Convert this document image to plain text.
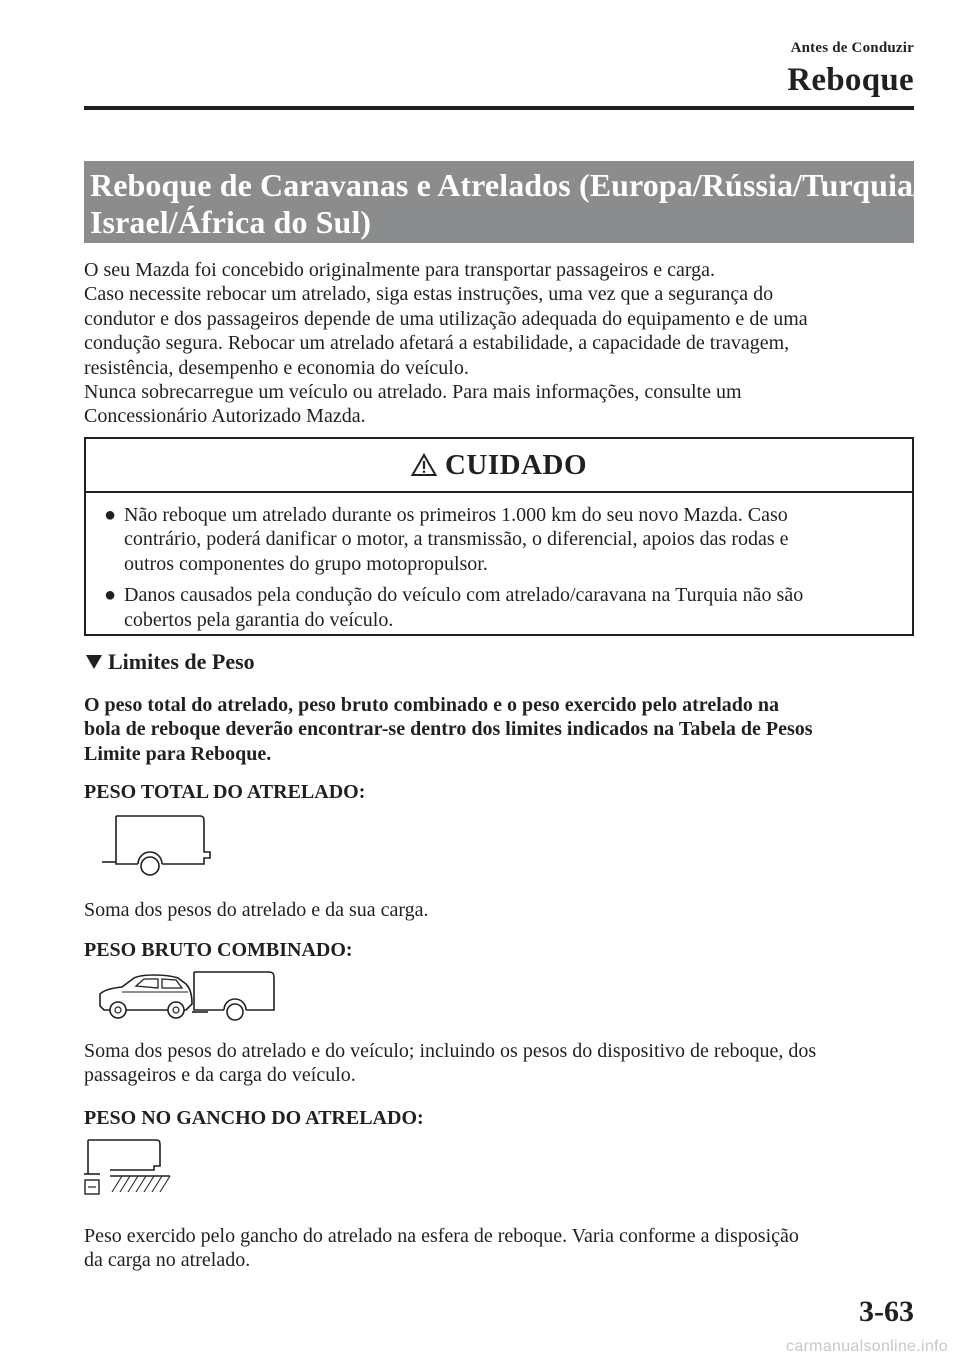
Antes de Conduzir
Reboque
Reboque de Caravanas e Atrelados (Europa/Rússia/Turquia/
Israel/África do Sul)
O seu Mazda foi concebido originalmente para transportar passageiros e carga.
Caso necessite rebocar um atrelado, siga estas instruções, uma vez que a segurança do
condutor e dos passageiros depende de uma utilização adequada do equipamento e de uma
condução segura. Rebocar um atrelado afetará a estabilidade, a capacidade de travagem,
resistência, desempenho e economia do veículo.
Nunca sobrecarregue um veículo ou atrelado. Para mais informações, consulte um
Concessionário Autorizado Mazda.
CUIDADO
● Não reboque um atrelado durante os primeiros 1.000 km do seu novo Mazda. Caso
contrário, poderá danificar o motor, a transmissão, o diferencial, apoios das rodas e
outros componentes do grupo motopropulsor.
● Danos causados pela condução do veículo com atrelado/caravana na Turquia não são
cobertos pela garantia do veículo.
Limites de Peso
O peso total do atrelado, peso bruto combinado e o peso exercido pelo atrelado na
bola de reboque deverão encontrar-se dentro dos limites indicados na Tabela de Pesos
Limite para Reboque.
PESO TOTAL DO ATRELADO:
Soma dos pesos do atrelado e da sua carga.
PESO BRUTO COMBINADO:
Soma dos pesos do atrelado e do veículo; incluindo os pesos do dispositivo de reboque, dos
passageiros e da carga do veículo.
PESO NO GANCHO DO ATRELADO:
Peso exercido pelo gancho do atrelado na esfera de reboque. Varia conforme a disposição
da carga no atrelado.
3-63
carmanualsonline.info
